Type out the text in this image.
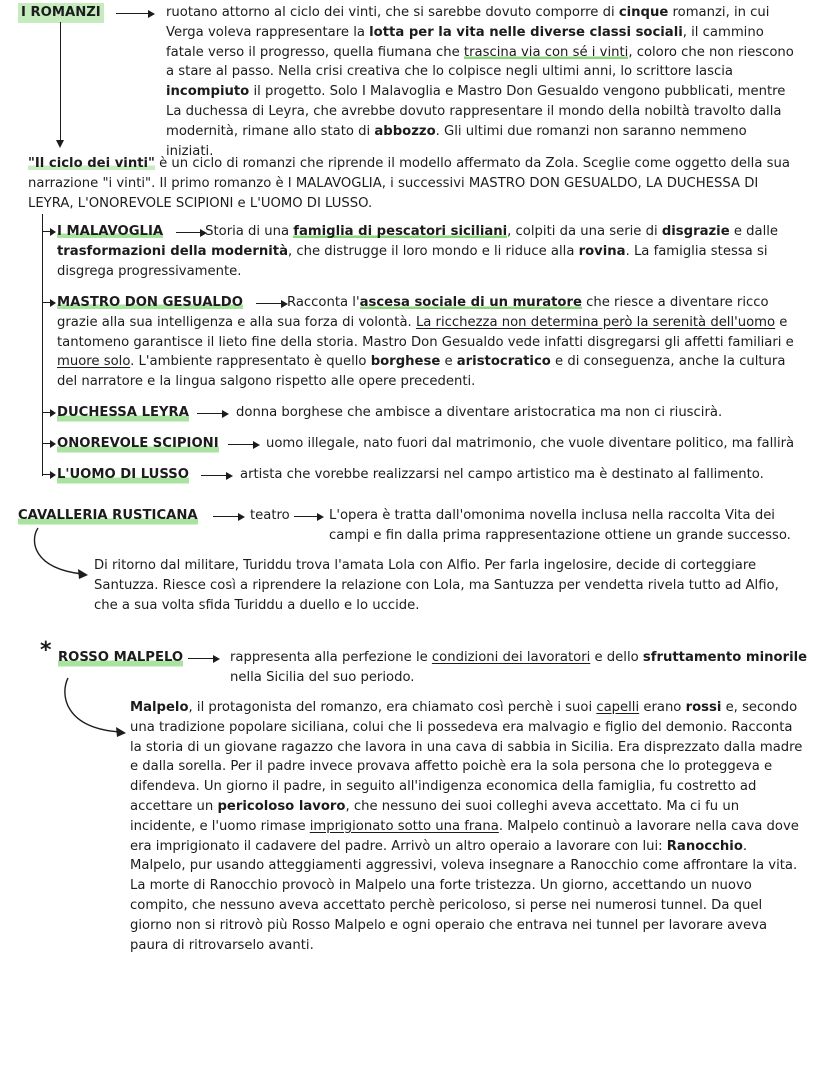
I ROMANZI	ruotano attorno al ciclo dei vinti, che si sarebbe dovuto comporre di cinque romanzi, in cui Verga voleva rappresentare la lotta per la vita nelle diverse classi sociali, il cammino fatale verso il progresso, quella fiumana che trascina via con sé i vinti, coloro che non riescono a stare al passo. Nella crisi creativa che lo colpisce negli ultimi anni, lo scrittore lascia incompiuto il progetto. Solo I Malavoglia e Mastro Don Gesualdo vengono pubblicati, mentre La duchessa di Leyra, che avrebbe dovuto rappresentare il mondo della nobiltà travolto dalla modernità, rimane allo stato di abbozzo. Gli ultimi due romanzi non saranno nemmeno iniziati.
"Il ciclo dei vinti" è un ciclo di romanzi che riprende il modello affermato da Zola. Sceglie come oggetto della sua narrazione "i vinti". Il primo romanzo è I MALAVOGLIA, i successivi MASTRO DON GESUALDO, LA DUCHESSA DI LEYRA, L'ONOREVOLE SCIPIONI e L'UOMO DI LUSSO.
I MALAVOGLIA	Storia di una famiglia di pescatori siciliani, colpiti da una serie di disgrazie e dalle trasformazioni della modernità, che distrugge il loro mondo e li riduce alla rovina. La famiglia stessa si disgrega progressivamente.
MASTRO DON GESUALDO	Racconta l'ascesa sociale di un muratore che riesce a diventare ricco grazie alla sua intelligenza e alla sua forza di volontà. La ricchezza non determina però la serenità dell'uomo e tantomeno garantisce il lieto fine della storia. Mastro Don Gesualdo vede infatti disgregarsi gli affetti familiari e muore solo. L'ambiente rappresentato è quello borghese e aristocratico e di conseguenza, anche la cultura del narratore e la lingua salgono rispetto alle opere precedenti.
DUCHESSA LEYRA	donna borghese che ambisce a diventare aristocratica ma non ci riuscirà.
ONOREVOLE SCIPIONI	uomo illegale, nato fuori dal matrimonio, che vuole diventare politico, ma fallirà
L'UOMO DI LUSSO	artista che vorebbe realizzarsi nel campo artistico ma è destinato al fallimento.
CAVALLERIA RUSTICANA	teatro	L'opera è tratta dall'omonima novella inclusa nella raccolta Vita dei campi e fin dalla prima rappresentazione ottiene un grande successo.
Di ritorno dal militare, Turiddu trova l'amata Lola con Alfio. Per farla ingelosire, decide di corteggiare Santuzza. Riesce così a riprendere la relazione con Lola, ma Santuzza per vendetta rivela tutto ad Alfio, che a sua volta sfida Turiddu a duello e lo uccide.
* ROSSO MALPELO	rappresenta alla perfezione le condizioni dei lavoratori e dello sfruttamento minorile nella Sicilia del suo periodo.
Malpelo, il protagonista del romanzo, era chiamato così perchè i suoi capelli erano rossi e, secondo una tradizione popolare siciliana, colui che li possedeva era malvagio e figlio del demonio. Racconta la storia di un giovane ragazzo che lavora in una cava di sabbia in Sicilia. Era disprezzato dalla madre e dalla sorella. Per il padre invece provava affetto poichè era la sola persona che lo proteggeva e difendeva. Un giorno il padre, in seguito all'indigenza economica della famiglia, fu costretto ad accettare un pericoloso lavoro, che nessuno dei suoi colleghi aveva accettato. Ma ci fu un incidente, e l'uomo rimase imprigionato sotto una frana. Malpelo continuò a lavorare nella cava dove era imprigionato il cadavere del padre. Arrivò un altro operaio a lavorare con lui: Ranocchio.
Malpelo, pur usando atteggiamenti aggressivi, voleva insegnare a Ranocchio come affrontare la vita. La morte di Ranocchio provocò in Malpelo una forte tristezza. Un giorno, accettando un nuovo compito, che nessuno aveva accettato perchè pericoloso, si perse nei numerosi tunnel. Da quel giorno non si ritrovò più Rosso Malpelo e ogni operaio che entrava nei tunnel per lavorare aveva paura di ritrovarselo avanti.
